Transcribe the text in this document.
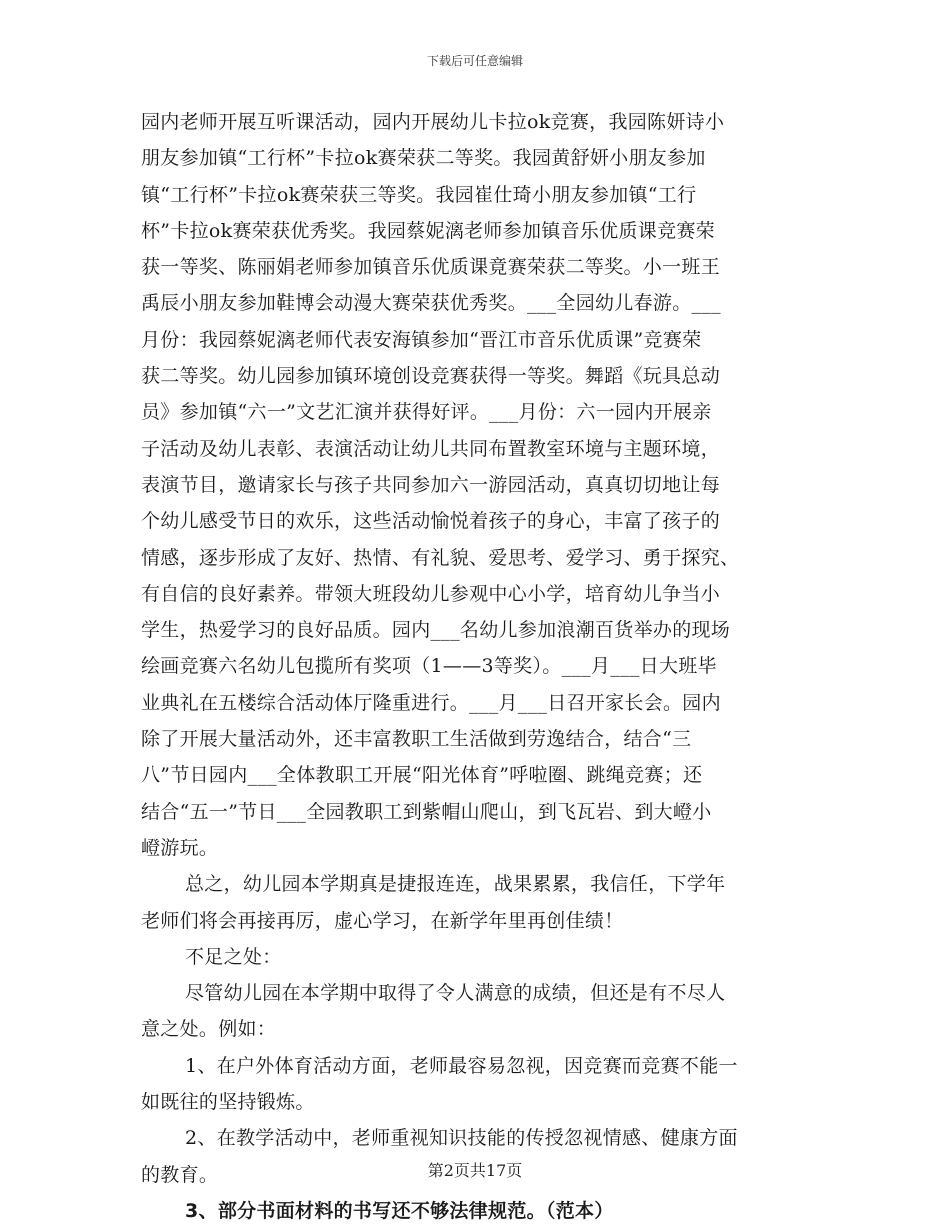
下载后可任意编辑
园内老师开展互听课活动，园内开展幼儿卡拉ok竞赛，我园陈妍诗小
朋友参加镇“工行杯”卡拉ok赛荣获二等奖。我园黄舒妍小朋友参加
镇“工行杯”卡拉ok赛荣获三等奖。我园崔仕琦小朋友参加镇“工行
杯”卡拉ok赛荣获优秀奖。我园蔡妮漓老师参加镇音乐优质课竞赛荣
获一等奖、陈丽娟老师参加镇音乐优质课竟赛荣获二等奖。小一班王
禹辰小朋友参加鞋博会动漫大赛荣获优秀奖。___全园幼儿春游。___
月份：我园蔡妮漓老师代表安海镇参加“晋江市音乐优质课”竞赛荣
获二等奖。幼儿园参加镇环境创设竞赛获得一等奖。舞蹈《玩具总动
员》参加镇“六一”文艺汇演并获得好评。___月份：六一园内开展亲
子活动及幼儿表彰、表演活动让幼儿共同布置教室环境与主题环境，
表演节目，邀请家长与孩子共同参加六一游园活动，真真切切地让每
个幼儿感受节日的欢乐，这些活动愉悦着孩子的身心，丰富了孩子的
情感，逐步形成了友好、热情、有礼貌、爱思考、爱学习、勇于探究、
有自信的良好素养。带领大班段幼儿参观中心小学，培育幼儿争当小
学生，热爱学习的良好品质。园内___名幼儿参加浪潮百货举办的现场
绘画竞赛六名幼儿包揽所有奖项（1——3等奖）。___月___日大班毕
业典礼在五楼综合活动体厅隆重进行。___月___日召开家长会。园内
除了开展大量活动外，还丰富教职工生活做到劳逸结合，结合“三
八”节日园内___全体教职工开展“阳光体育”呼啦圈、跳绳竞赛；还
结合“五一”节日___全园教职工到紫帽山爬山，到飞瓦岩、到大嶝小
嶝游玩。
总之，幼儿园本学期真是捷报连连，战果累累，我信任，下学年
老师们将会再接再厉，虚心学习，在新学年里再创佳绩！
不足之处：
尽管幼儿园在本学期中取得了令人满意的成绩，但还是有不尽人
意之处。例如：
1、在户外体育活动方面，老师最容易忽视，因竞赛而竞赛不能一
如既往的坚持锻炼。
2、在教学活动中，老师重视知识技能的传授忽视情感、健康方面
的教育。
3、部分书面材料的书写还不够法律规范。（范本）
第2页共17页
